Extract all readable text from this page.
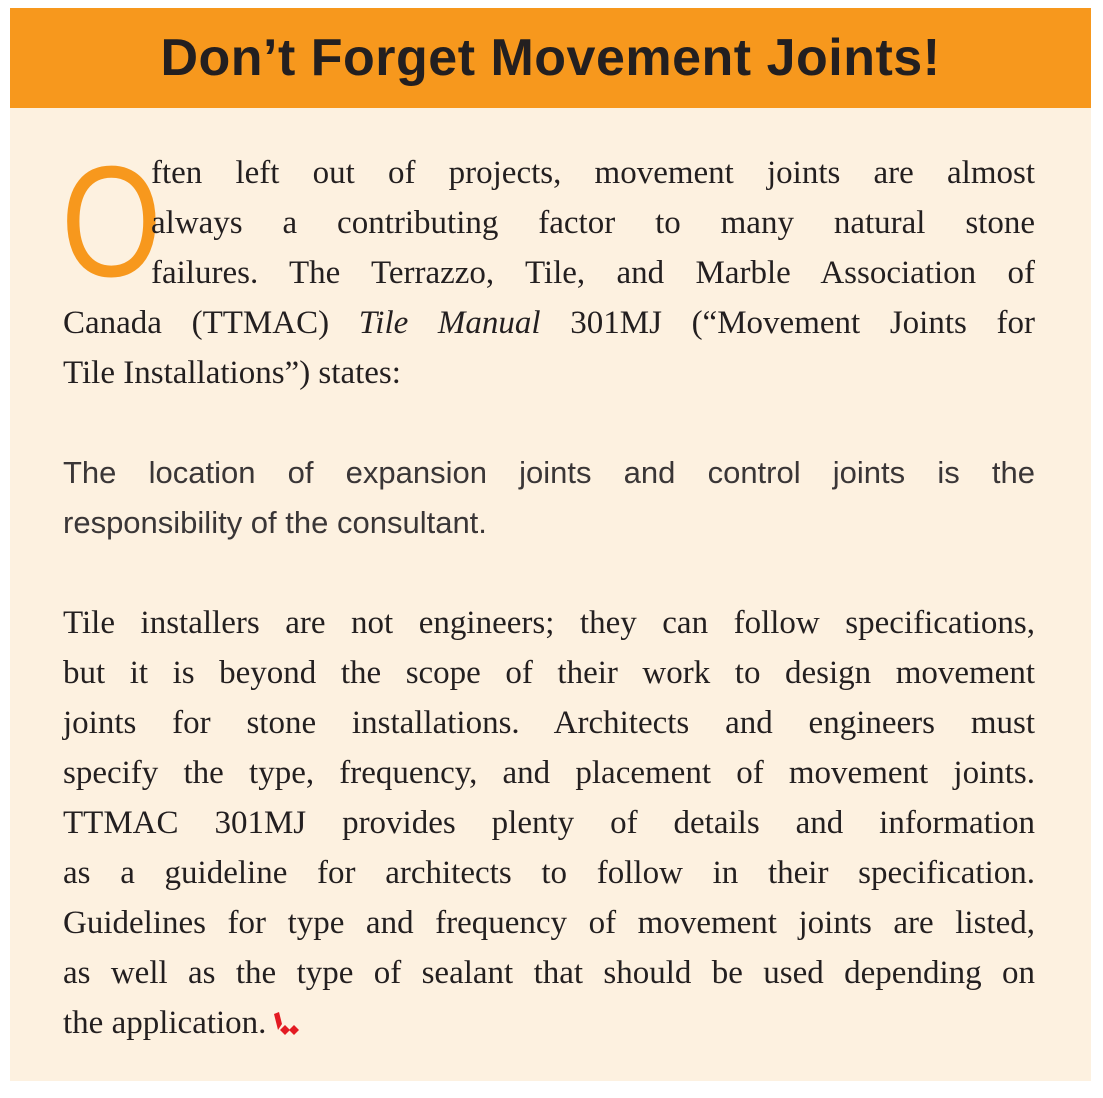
Don’t Forget Movement Joints!
O
ften left out of projects, movement joints are almost
always a contributing factor to many natural stone
failures. The Terrazzo, Tile, and Marble Association of
Canada (TTMAC) Tile Manual 301MJ (“Movement Joints for
Tile Installations”) states:
The location of expansion joints and control joints is the
responsibility of the consultant.
Tile installers are not engineers; they can follow specifications,
but it is beyond the scope of their work to design movement
joints for stone installations. Architects and engineers must
specify the type, frequency, and placement of movement joints.
TTMAC 301MJ provides plenty of details and information
as a guideline for architects to follow in their specification.
Guidelines for type and frequency of movement joints are listed,
as well as the type of sealant that should be used depending on
the application.
